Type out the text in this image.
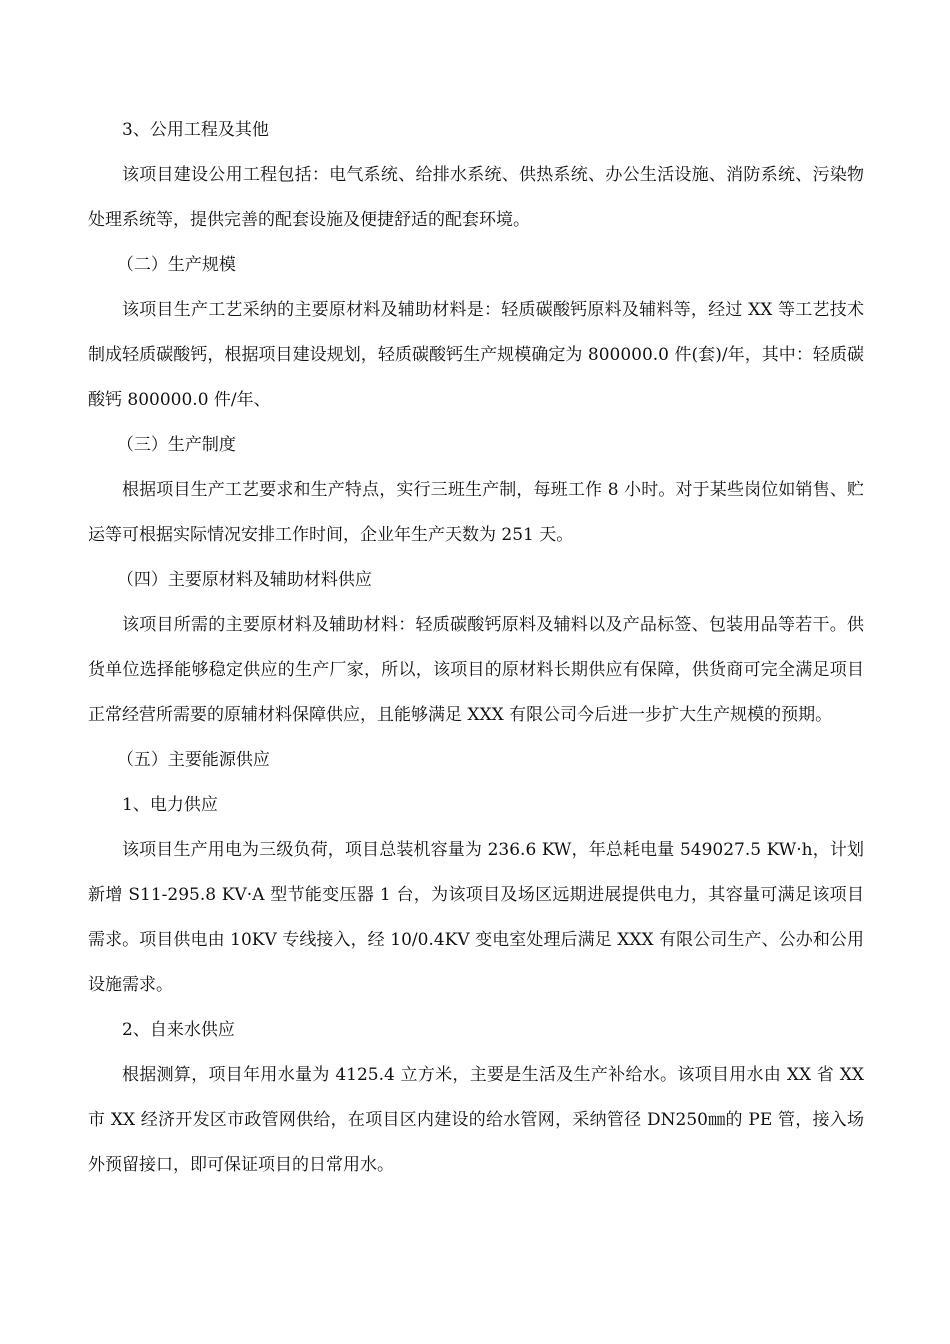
3、公用工程及其他

该项目建设公用工程包括：电气系统、给排水系统、供热系统、办公生活设施、消防系统、污染物处理系统等，提供完善的配套设施及便捷舒适的配套环境。

（二）生产规模

该项目生产工艺采纳的主要原材料及辅助材料是：轻质碳酸钙原料及辅料等，经过 XX 等工艺技术制成轻质碳酸钙，根据项目建设规划，轻质碳酸钙生产规模确定为 800000.0 件(套)/年，其中：轻质碳酸钙 800000.0 件/年、

（三）生产制度

根据项目生产工艺要求和生产特点，实行三班生产制，每班工作 8 小时。对于某些岗位如销售、贮运等可根据实际情况安排工作时间，企业年生产天数为 251 天。

（四）主要原材料及辅助材料供应

该项目所需的主要原材料及辅助材料：轻质碳酸钙原料及辅料以及产品标签、包装用品等若干。供货单位选择能够稳定供应的生产厂家，所以，该项目的原材料长期供应有保障，供货商可完全满足项目正常经营所需要的原辅材料保障供应，且能够满足 XXX 有限公司今后进一步扩大生产规模的预期。

（五）主要能源供应

1、电力供应

该项目生产用电为三级负荷，项目总装机容量为 236.6 KW，年总耗电量 549027.5 KW·h，计划新增 S11-295.8 KV·A 型节能变压器 1 台，为该项目及场区远期进展提供电力，其容量可满足该项目需求。项目供电由 10KV 专线接入，经 10/0.4KV 变电室处理后满足 XXX 有限公司生产、公办和公用设施需求。

2、自来水供应

根据测算，项目年用水量为 4125.4 立方米，主要是生活及生产补给水。该项目用水由 XX 省 XX 市 XX 经济开发区市政管网供给，在项目区内建设的给水管网，采纳管径 DN250㎜的 PE 管，接入场外预留接口，即可保证项目的日常用水。
